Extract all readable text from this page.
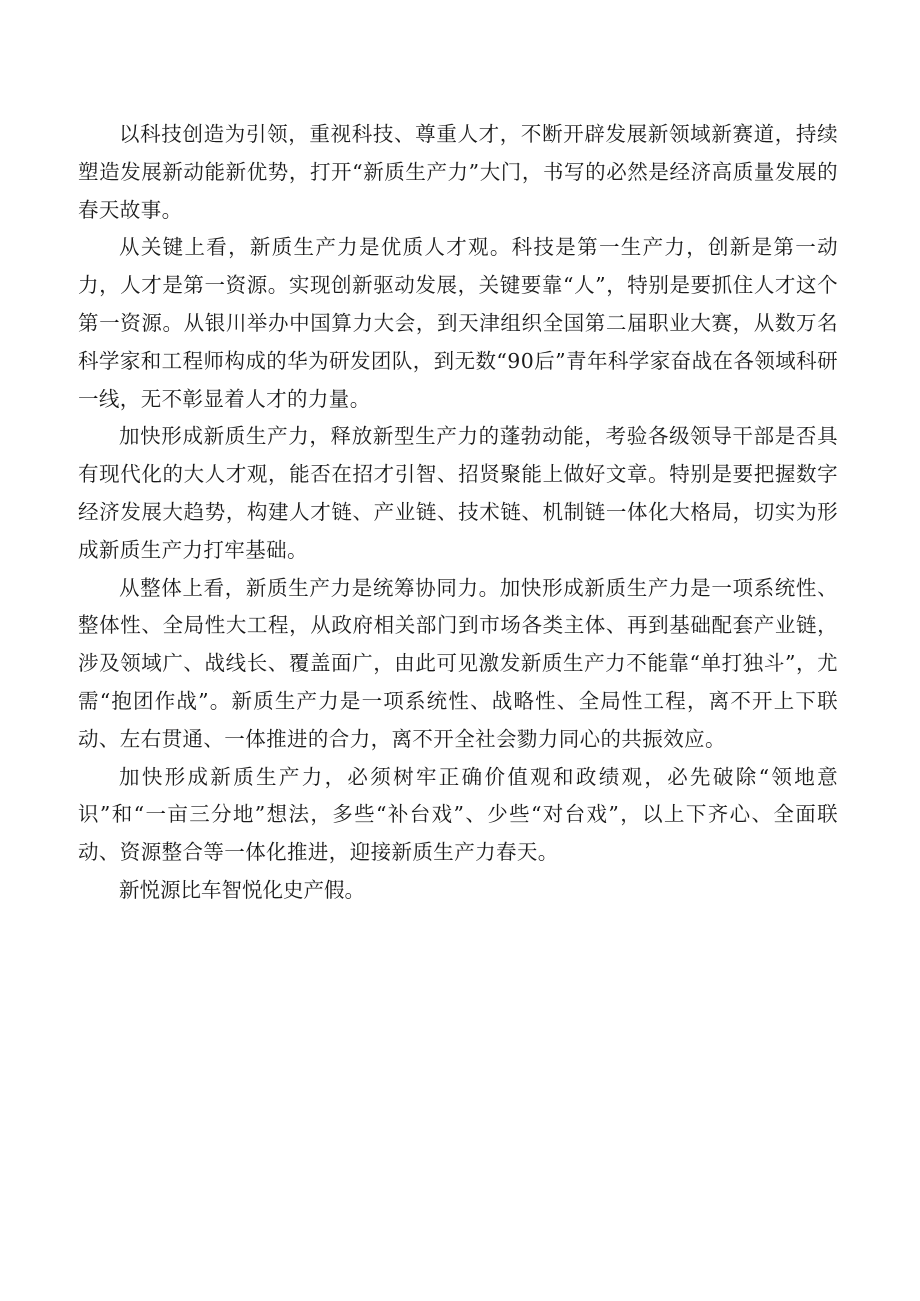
以科技创造为引领，重视科技、尊重人才，不断开辟发展新领域新赛道，持续塑造发展新动能新优势，打开“新质生产力”大门，书写的必然是经济高质量发展的春天故事。

从关键上看，新质生产力是优质人才观。科技是第一生产力，创新是第一动力，人才是第一资源。实现创新驱动发展，关键要靠“人”，特别是要抓住人才这个第一资源。从银川举办中国算力大会，到天津组织全国第二届职业大赛，从数万名科学家和工程师构成的华为研发团队，到无数“90后”青年科学家奋战在各领域科研一线，无不彰显着人才的力量。

加快形成新质生产力，释放新型生产力的蓬勃动能，考验各级领导干部是否具有现代化的大人才观，能否在招才引智、招贤聚能上做好文章。特别是要把握数字经济发展大趋势，构建人才链、产业链、技术链、机制链一体化大格局，切实为形成新质生产力打牢基础。

从整体上看，新质生产力是统筹协同力。加快形成新质生产力是一项系统性、整体性、全局性大工程，从政府相关部门到市场各类主体、再到基础配套产业链，涉及领域广、战线长、覆盖面广，由此可见激发新质生产力不能靠“单打独斗”，尤需“抱团作战”。新质生产力是一项系统性、战略性、全局性工程，离不开上下联动、左右贯通、一体推进的合力，离不开全社会勠力同心的共振效应。

加快形成新质生产力，必须树牢正确价值观和政绩观，必先破除“领地意识”和“一亩三分地”想法，多些“补台戏”、少些“对台戏”，以上下齐心、全面联动、资源整合等一体化推进，迎接新质生产力春天。

新悦源比车智悦化史产假。
